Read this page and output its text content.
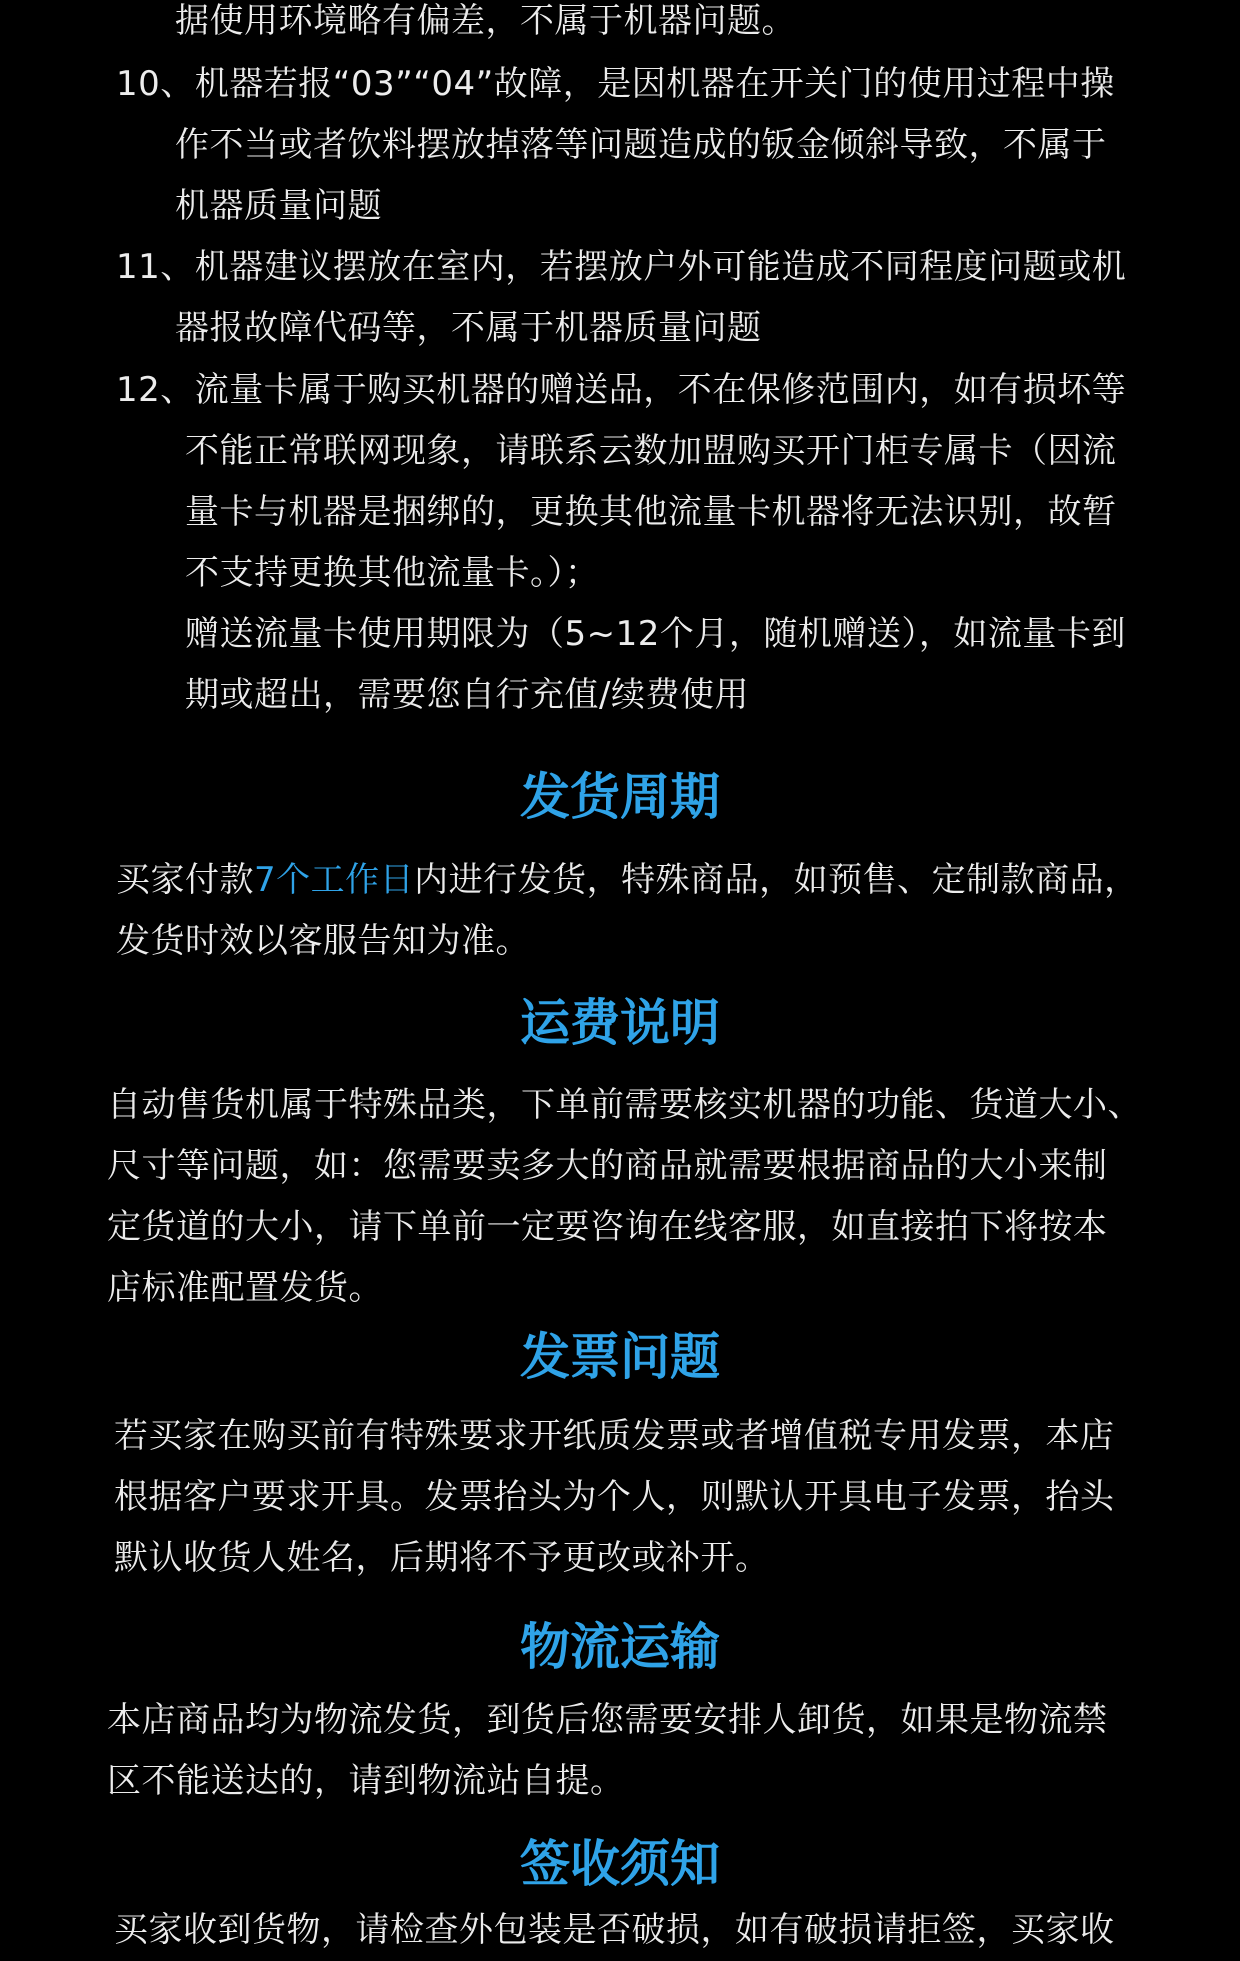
据使用环境略有偏差，不属于机器问题。
10、机器若报“03”“04”故障，是因机器在开关门的使用过程中操
作不当或者饮料摆放掉落等问题造成的钣金倾斜导致，不属于
机器质量问题
11、机器建议摆放在室内，若摆放户外可能造成不同程度问题或机
器报故障代码等，不属于机器质量问题
12、流量卡属于购买机器的赠送品，不在保修范围内，如有损坏等
不能正常联网现象，请联系云数加盟购买开门柜专属卡（因流
量卡与机器是捆绑的，更换其他流量卡机器将无法识别，故暂
不支持更换其他流量卡。）；
赠送流量卡使用期限为（5~12个月，随机赠送），如流量卡到
期或超出，需要您自行充值/续费使用
发货周期
买家付款7个工作日内进行发货，特殊商品，如预售、定制款商品，
发货时效以客服告知为准。
运费说明
自动售货机属于特殊品类，下单前需要核实机器的功能、货道大小、
尺寸等问题，如：您需要卖多大的商品就需要根据商品的大小来制
定货道的大小，请下单前一定要咨询在线客服，如直接拍下将按本
店标准配置发货。
发票问题
若买家在购买前有特殊要求开纸质发票或者增值税专用发票，本店
根据客户要求开具。发票抬头为个人，则默认开具电子发票，抬头
默认收货人姓名，后期将不予更改或补开。
物流运输
本店商品均为物流发货，到货后您需要安排人卸货，如果是物流禁
区不能送达的，请到物流站自提。
签收须知
买家收到货物，请检查外包装是否破损，如有破损请拒签，买家收
